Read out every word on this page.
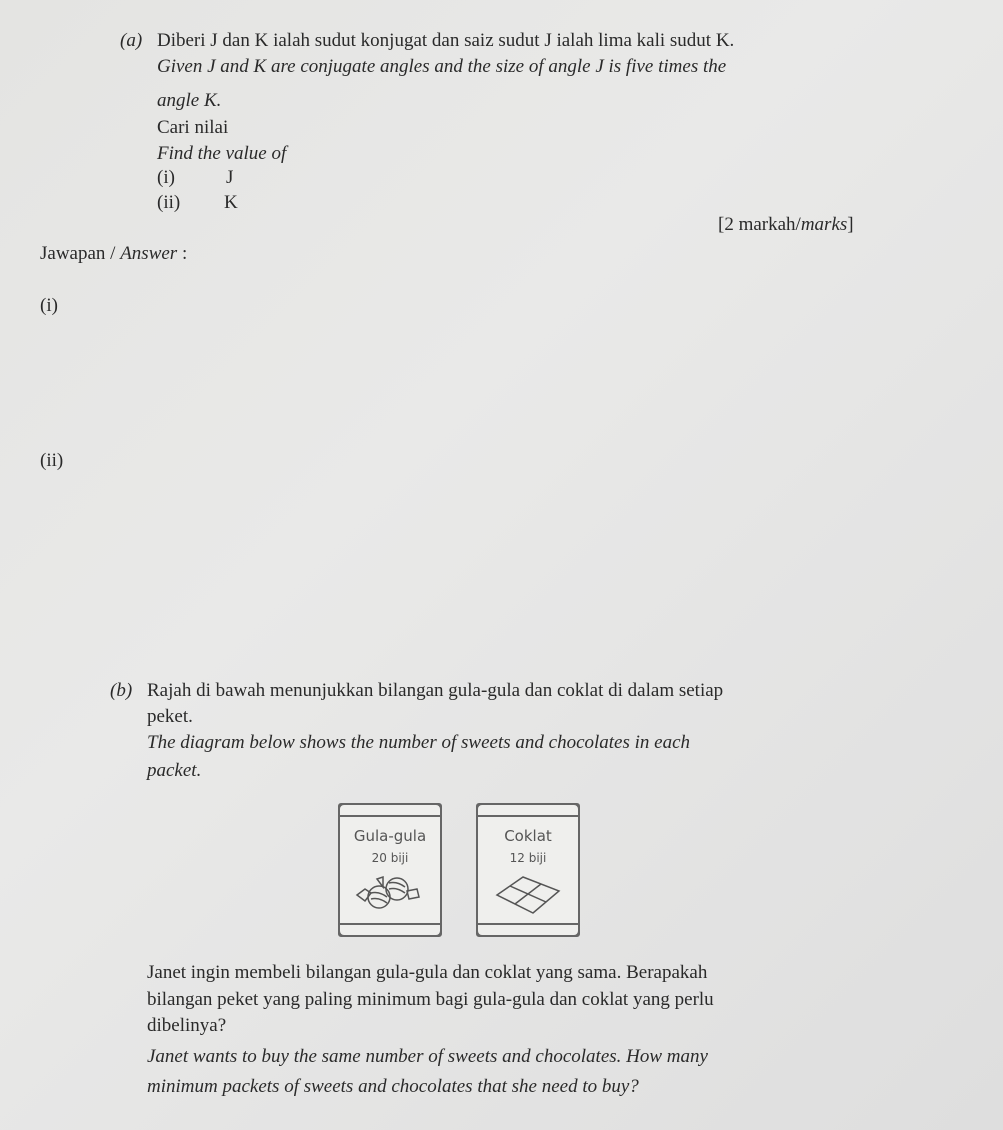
(a) Diberi J dan K ialah sudut konjugat dan saiz sudut J ialah lima kali sudut K.
Given J and K are conjugate angles and the size of angle J is five times the
angle K.
Cari nilai
Find the value of
(i)	J
(ii) K
[2 markah/marks]
Jawapan / Answer :
(i)
(ii)
(b) Rajah di bawah menunjukkan bilangan gula-gula dan coklat di dalam setiap
peket.
The diagram below shows the number of sweets and chocolates in each
packet.
Gula-gula
20 biji
Coklat
12 biji
Janet ingin membeli bilangan gula-gula dan coklat yang sama. Berapakah
bilangan peket yang paling minimum bagi gula-gula dan coklat yang perlu
dibelinya?
Janet wants to buy the same number of sweets and chocolates. How many
minimum packets of sweets and chocolates that she need to buy?
